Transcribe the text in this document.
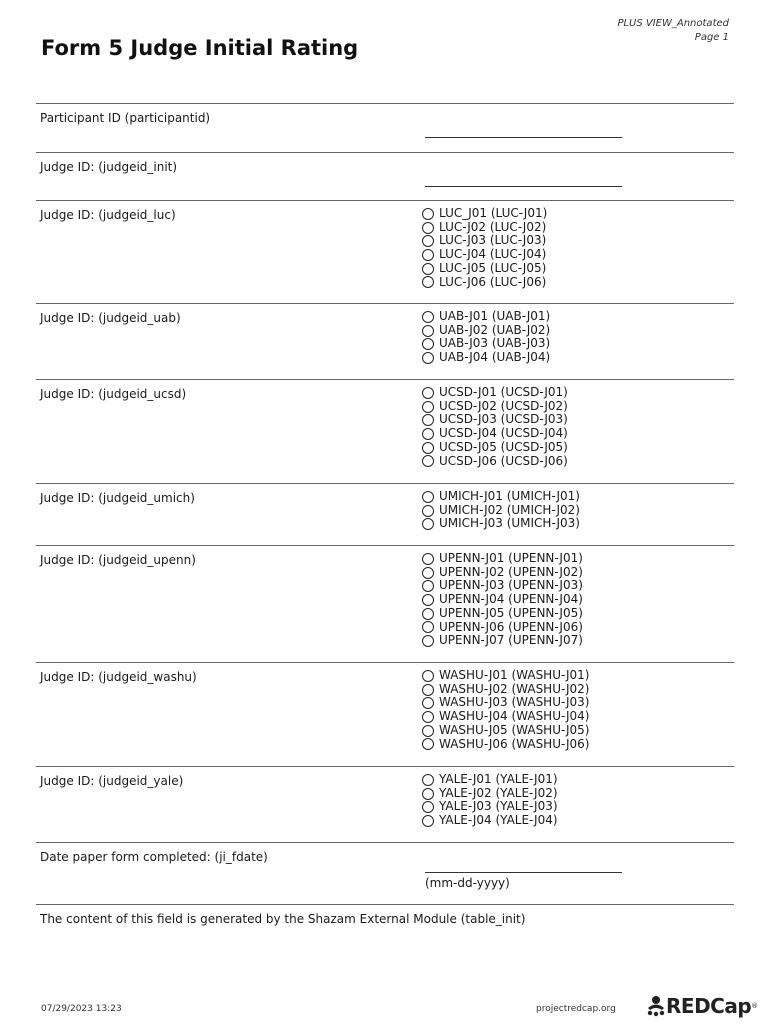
PLUS VIEW_Annotated
Page 1
Form 5 Judge Initial Rating
Participant ID (participantid)
Judge ID: (judgeid_init)
Judge ID: (judgeid_luc)	LUC_J01 (LUC-J01)
LUC-J02 (LUC-J02)
LUC-J03 (LUC-J03)
LUC-J04 (LUC-J04)
LUC-J05 (LUC-J05)
LUC-J06 (LUC-J06)
Judge ID: (judgeid_uab)	UAB-J01 (UAB-J01)
UAB-J02 (UAB-J02)
UAB-J03 (UAB-J03)
UAB-J04 (UAB-J04)
Judge ID: (judgeid_ucsd)	UCSD-J01 (UCSD-J01)
UCSD-J02 (UCSD-J02)
UCSD-J03 (UCSD-J03)
UCSD-J04 (UCSD-J04)
UCSD-J05 (UCSD-J05)
UCSD-J06 (UCSD-J06)
Judge ID: (judgeid_umich)	UMICH-J01 (UMICH-J01)
UMICH-J02 (UMICH-J02)
UMICH-J03 (UMICH-J03)
Judge ID: (judgeid_upenn)	UPENN-J01 (UPENN-J01)
UPENN-J02 (UPENN-J02)
UPENN-J03 (UPENN-J03)
UPENN-J04 (UPENN-J04)
UPENN-J05 (UPENN-J05)
UPENN-J06 (UPENN-J06)
UPENN-J07 (UPENN-J07)
Judge ID: (judgeid_washu)	WASHU-J01 (WASHU-J01)
WASHU-J02 (WASHU-J02)
WASHU-J03 (WASHU-J03)
WASHU-J04 (WASHU-J04)
WASHU-J05 (WASHU-J05)
WASHU-J06 (WASHU-J06)
Judge ID: (judgeid_yale)	YALE-J01 (YALE-J01)
YALE-J02 (YALE-J02)
YALE-J03 (YALE-J03)
YALE-J04 (YALE-J04)
Date paper form completed: (ji_fdate)
(mm-dd-yyyy)
The content of this field is generated by the Shazam External Module (table_init)
07/29/2023 13:23	projectredcap.org	REDCap ®
